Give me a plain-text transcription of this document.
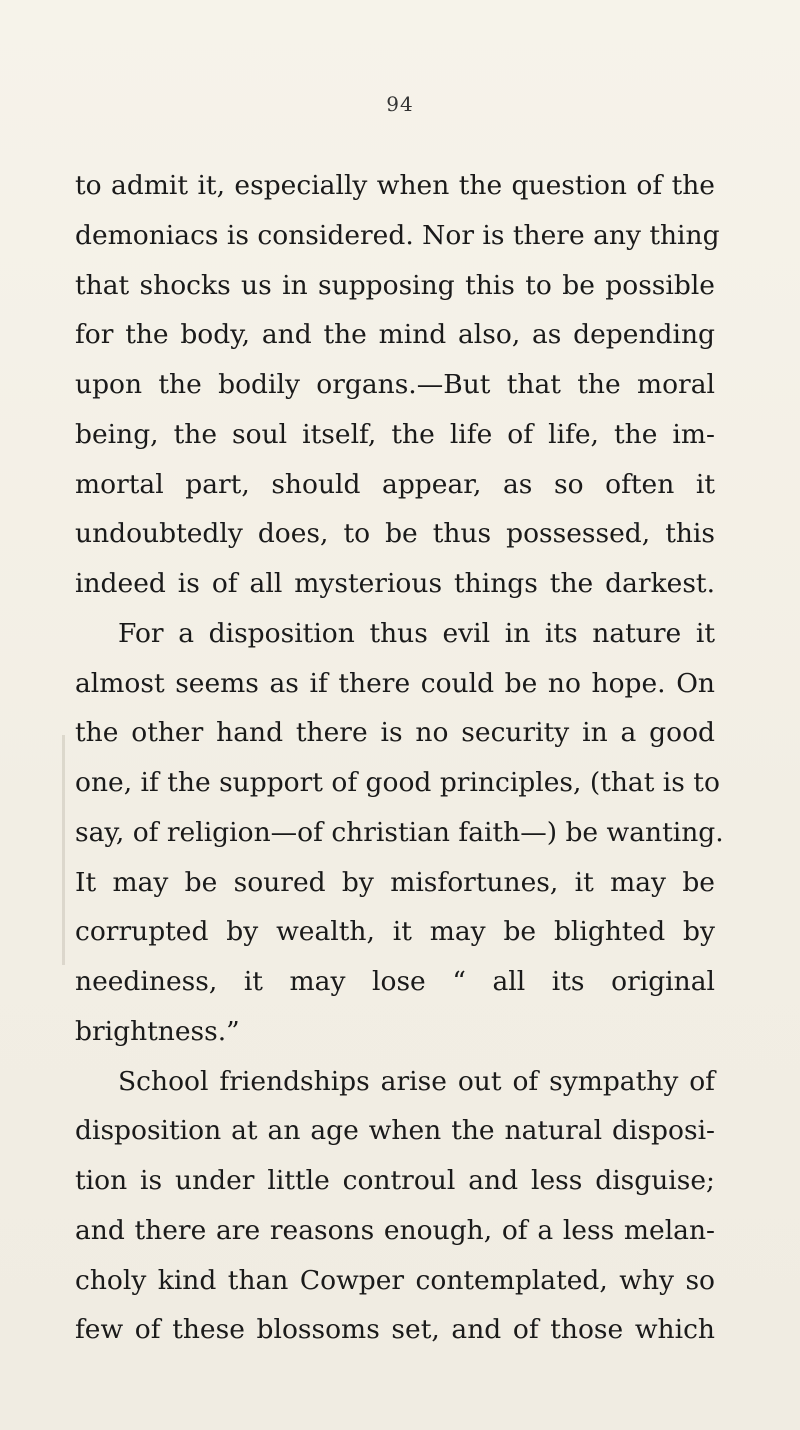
94
to admit it, especially when the question of the
demoniacs is considered. Nor is there any thing
that shocks us in supposing this to be possible
for the body, and the mind also, as depending
upon the bodily organs.—But that the moral
being, the soul itself, the life of life, the im-
mortal part, should appear, as so often it
undoubtedly does, to be thus possessed, this
indeed is of all mysterious things the darkest.
For a disposition thus evil in its nature it
almost seems as if there could be no hope. On
the other hand there is no security in a good
one, if the support of good principles, (that is to
say, of religion—of christian faith—) be wanting.
It may be soured by misfortunes, it may be
corrupted by wealth, it may be blighted by
neediness, it may lose “ all its original
brightness.”
School friendships arise out of sympathy of
disposition at an age when the natural disposi-
tion is under little controul and less disguise;
and there are reasons enough, of a less melan-
choly kind than Cowper contemplated, why so
few of these blossoms set, and of those which
